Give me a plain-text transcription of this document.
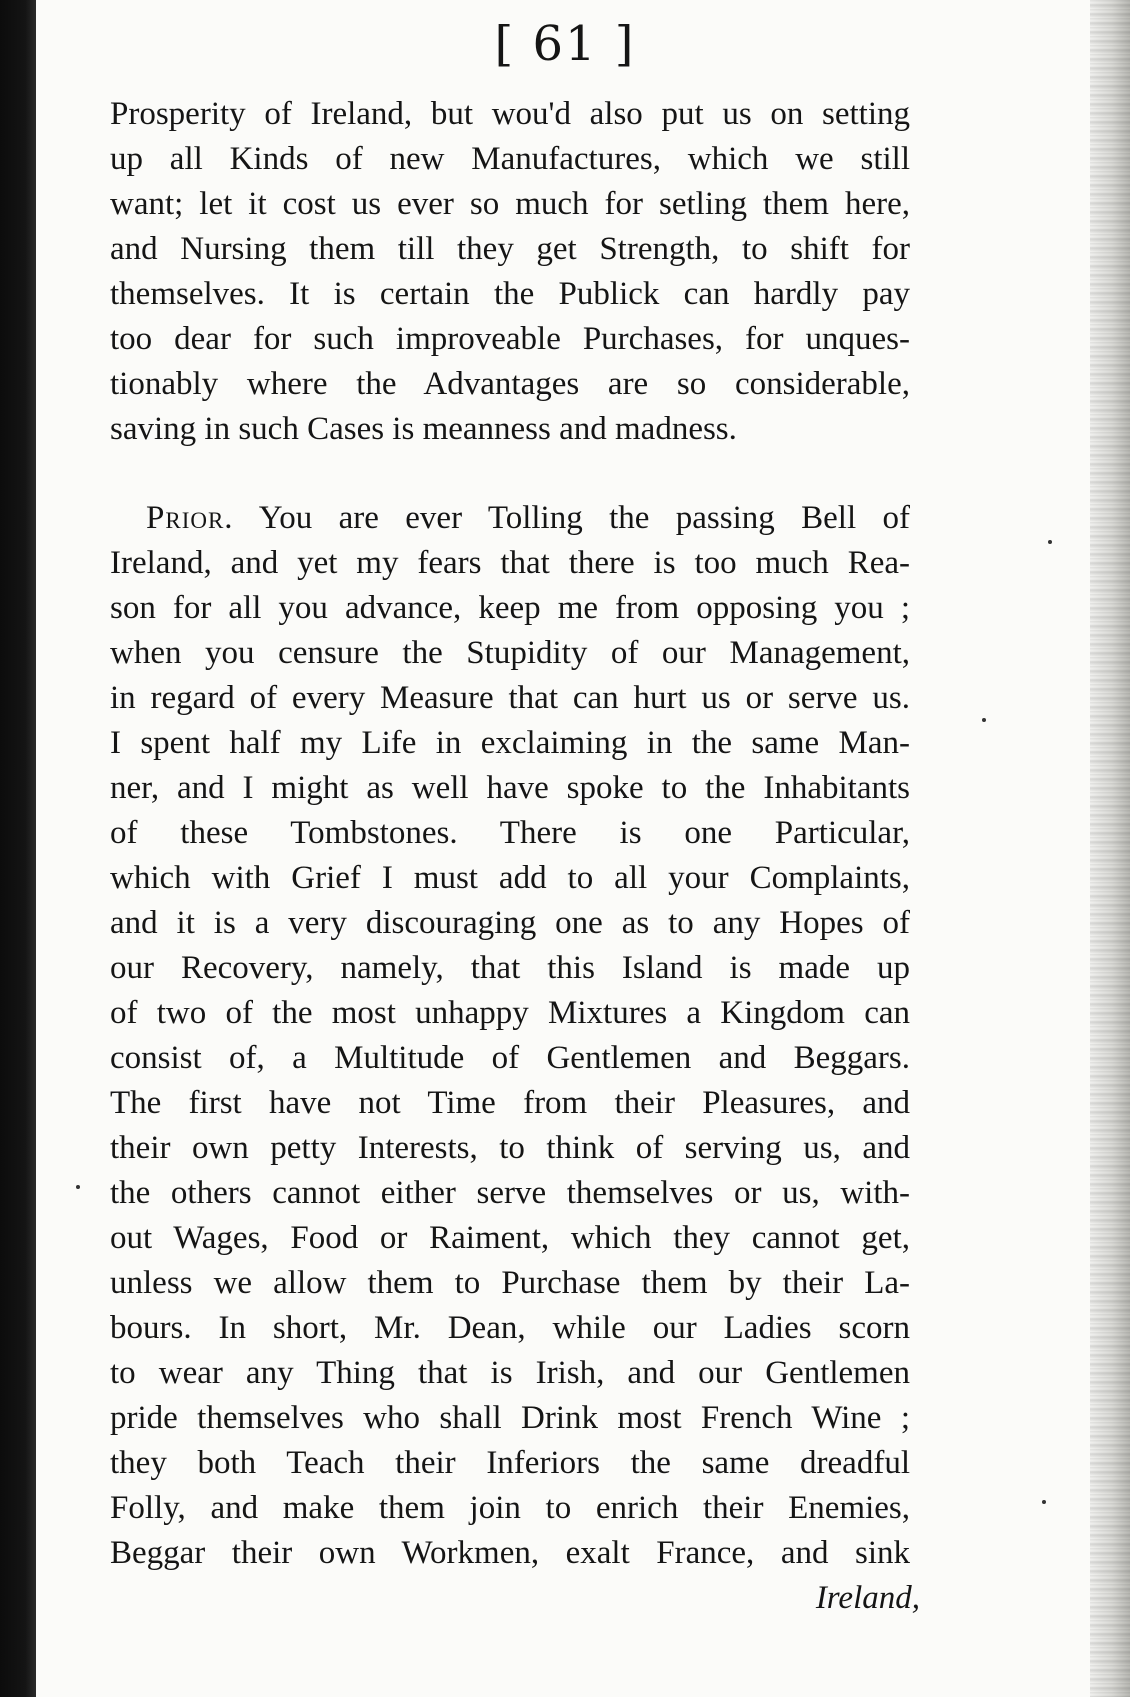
[ 61 ]
Prosperity of Ireland, but wou'd also put us on setting
up all Kinds of new Manufactures, which we still
want; let it cost us ever so much for setling them here,
and Nursing them till they get Strength, to shift for
themselves. It is certain the Publick can hardly pay
too dear for such improveable Purchases, for unques-
tionably where the Advantages are so considerable,
saving in such Cases is meanness and madness.
Prior. You are ever Tolling the passing Bell of
Ireland, and yet my fears that there is too much Rea-
son for all you advance, keep me from opposing you ;
when you censure the Stupidity of our Management,
in regard of every Measure that can hurt us or serve us.
I spent half my Life in exclaiming in the same Man-
ner, and I might as well have spoke to the Inhabitants
of these Tombstones. There is one Particular,
which with Grief I must add to all your Complaints,
and it is a very discouraging one as to any Hopes of
our Recovery, namely, that this Island is made up
of two of the most unhappy Mixtures a Kingdom can
consist of, a Multitude of Gentlemen and Beggars.
The first have not Time from their Pleasures, and
their own petty Interests, to think of serving us, and
the others cannot either serve themselves or us, with-
out Wages, Food or Raiment, which they cannot get,
unless we allow them to Purchase them by their La-
bours. In short, Mr. Dean, while our Ladies scorn
to wear any Thing that is Irish, and our Gentlemen
pride themselves who shall Drink most French Wine ;
they both Teach their Inferiors the same dreadful
Folly, and make them join to enrich their Enemies,
Beggar their own Workmen, exalt France, and sink
Ireland,
